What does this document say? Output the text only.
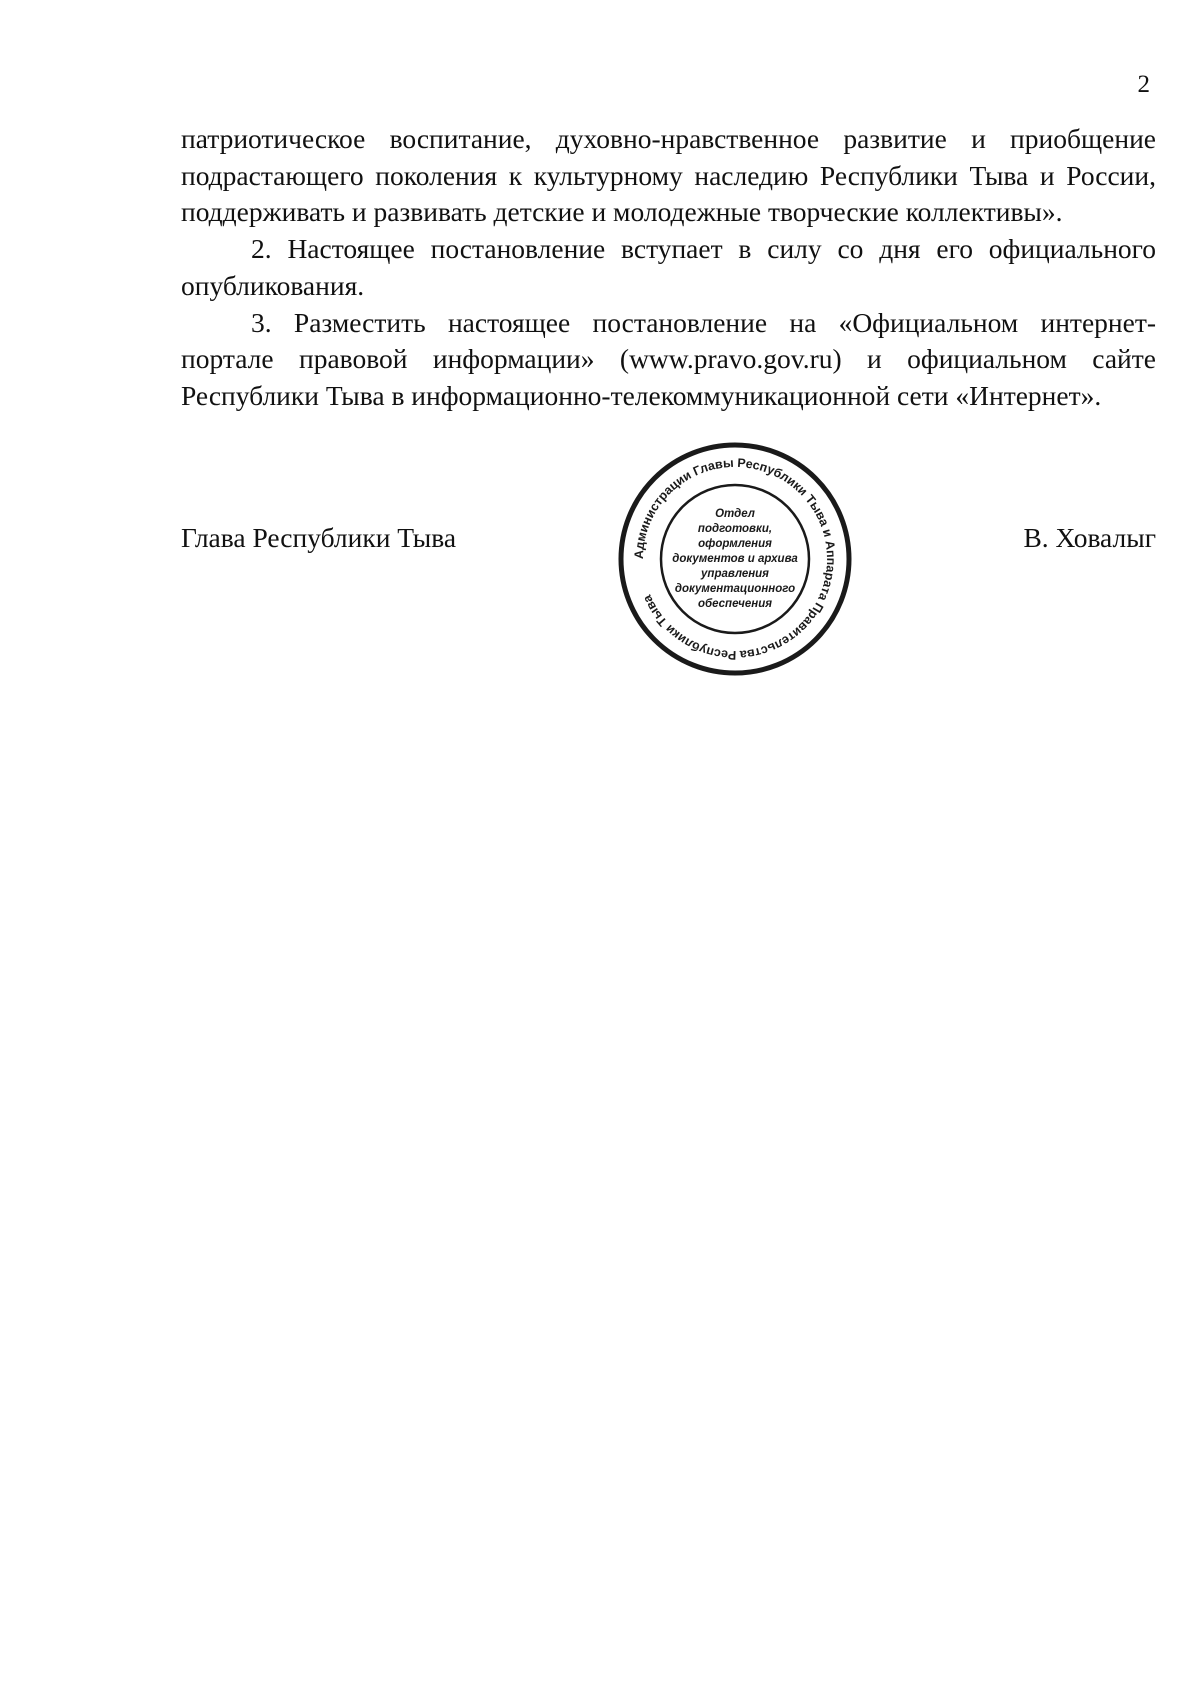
2

патриотическое воспитание, духовно-нравственное развитие и приобщение подрастающего поколения к культурному наследию Республики Тыва и России, поддерживать и развивать детские и молодежные творческие коллективы».

2. Настоящее постановление вступает в силу со дня его официального опубликования.

3. Разместить настоящее постановление на «Официальном интернет-портале правовой информации» (www.pravo.gov.ru) и официальном сайте Республики Тыва в информационно-телекоммуникационной сети «Интернет».

Глава Республики Тыва	В. Ховалыг
Администрации Главы Республики Тыва и Аппарата Правительства Республики Тыва
Отдел
подготовки,
оформления
документов и архива
управления
документационного
обеспечения
